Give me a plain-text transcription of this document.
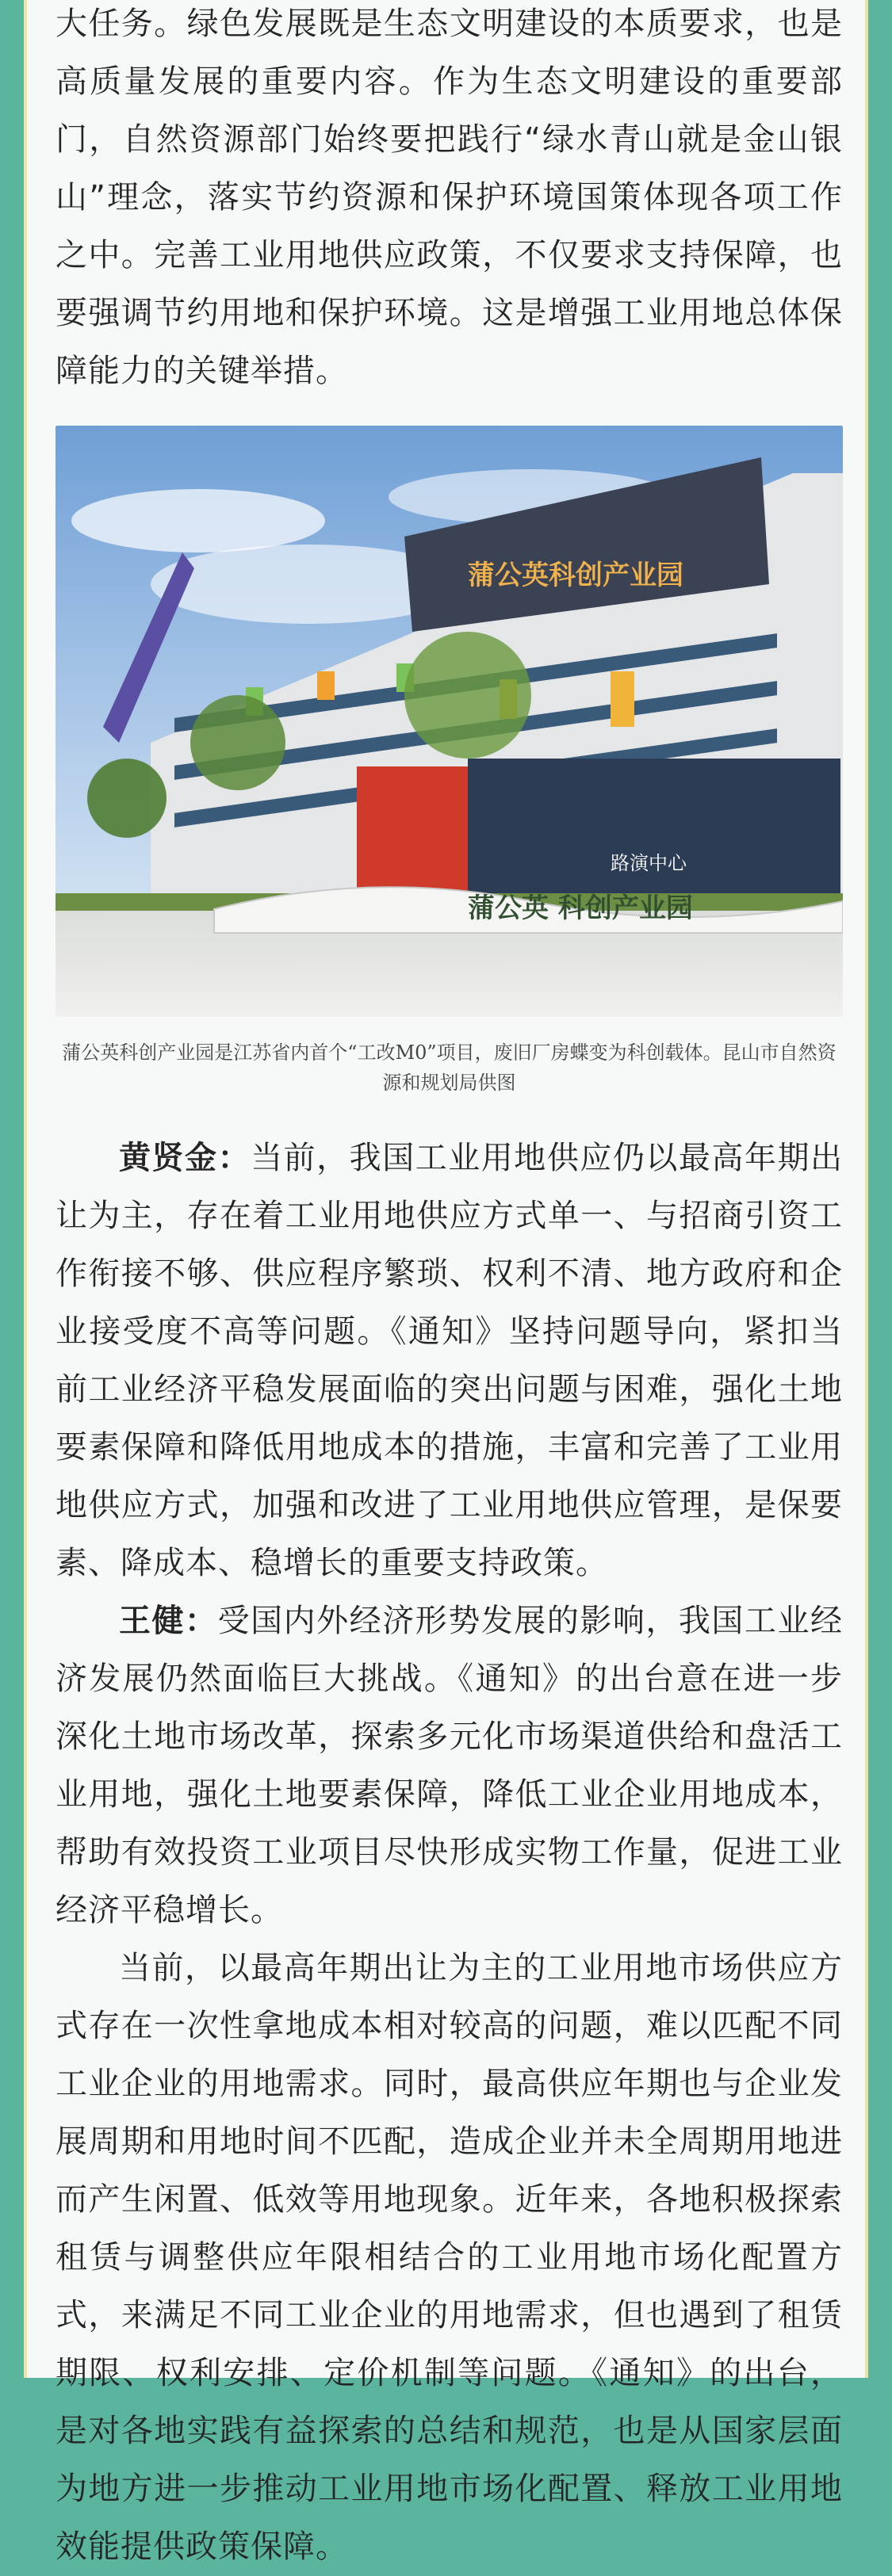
大任务。绿色发展既是生态文明建设的本质要求，也是高质量发展的重要内容。作为生态文明建设的重要部门，自然资源部门始终要把践行“绿水青山就是金山银山”理念，落实节约资源和保护环境国策体现各项工作之中。完善工业用地供应政策，不仅要求支持保障，也要强调节约用地和保护环境。这是增强工业用地总体保障能力的关键举措。

蒲公英科创产业园
路演中心
蒲公英 科创产业园

蒲公英科创产业园是江苏省内首个“工改M0”项目，废旧厂房蝶变为科创载体。昆山市自然资源和规划局供图

黄贤金：当前，我国工业用地供应仍以最高年期出让为主，存在着工业用地供应方式单一、与招商引资工作衔接不够、供应程序繁琐、权利不清、地方政府和企业接受度不高等问题。《通知》坚持问题导向，紧扣当前工业经济平稳发展面临的突出问题与困难，强化土地要素保障和降低用地成本的措施，丰富和完善了工业用地供应方式，加强和改进了工业用地供应管理，是保要素、降成本、稳增长的重要支持政策。

王健：受国内外经济形势发展的影响，我国工业经济发展仍然面临巨大挑战。《通知》的出台意在进一步深化土地市场改革，探索多元化市场渠道供给和盘活工业用地，强化土地要素保障，降低工业企业用地成本，帮助有效投资工业项目尽快形成实物工作量，促进工业经济平稳增长。

当前，以最高年期出让为主的工业用地市场供应方式存在一次性拿地成本相对较高的问题，难以匹配不同工业企业的用地需求。同时，最高供应年期也与企业发展周期和用地时间不匹配，造成企业并未全周期用地进而产生闲置、低效等用地现象。近年来，各地积极探索租赁与调整供应年限相结合的工业用地市场化配置方式，来满足不同工业企业的用地需求，但也遇到了租赁期限、权利安排、定价机制等问题。《通知》的出台，是对各地实践有益探索的总结和规范，也是从国家层面为地方进一步推动工业用地市场化配置、释放工业用地效能提供政策保障。
